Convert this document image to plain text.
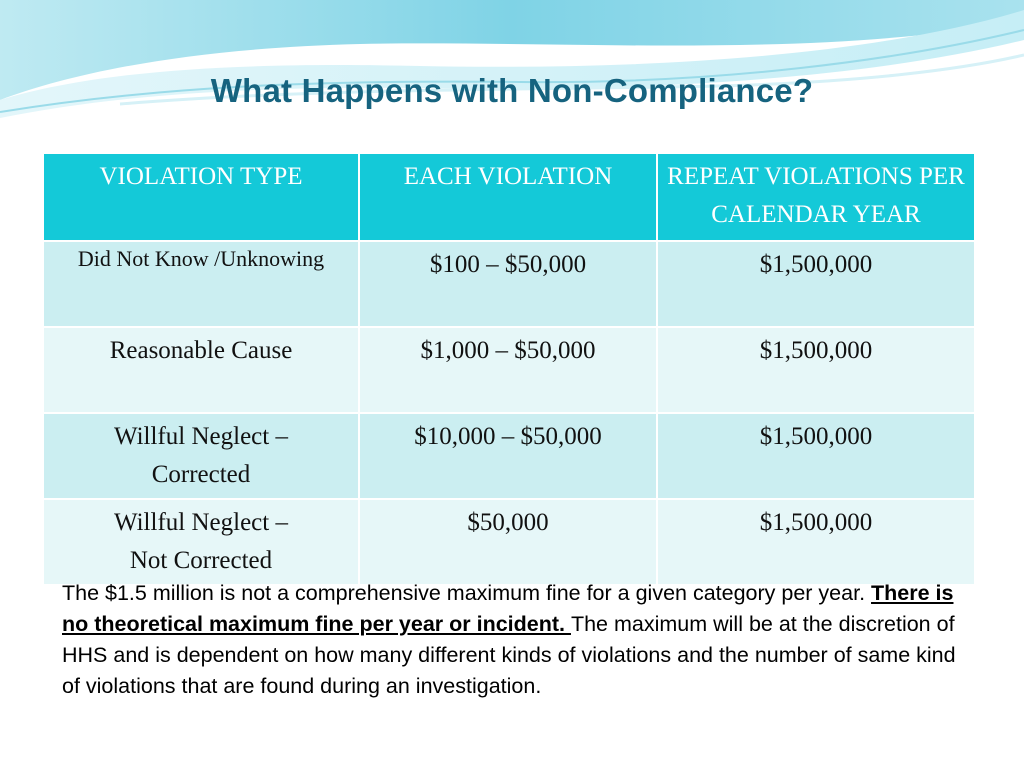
What Happens with Non-Compliance?
VIOLATION TYPE	EACH VIOLATION	REPEAT VIOLATIONS PER CALENDAR YEAR
Did Not Know /Unknowing	$100 – $50,000	$1,500,000
Reasonable Cause	$1,000 – $50,000	$1,500,000
Willful Neglect – Corrected	$10,000 – $50,000	$1,500,000
Willful Neglect – Not Corrected	$50,000	$1,500,000
The $1.5 million is not a comprehensive maximum fine for a given category per year. There is no theoretical maximum fine per year or incident. The maximum will be at the discretion of HHS and is dependent on how many different kinds of violations and the number of same kind of violations that are found during an investigation.
